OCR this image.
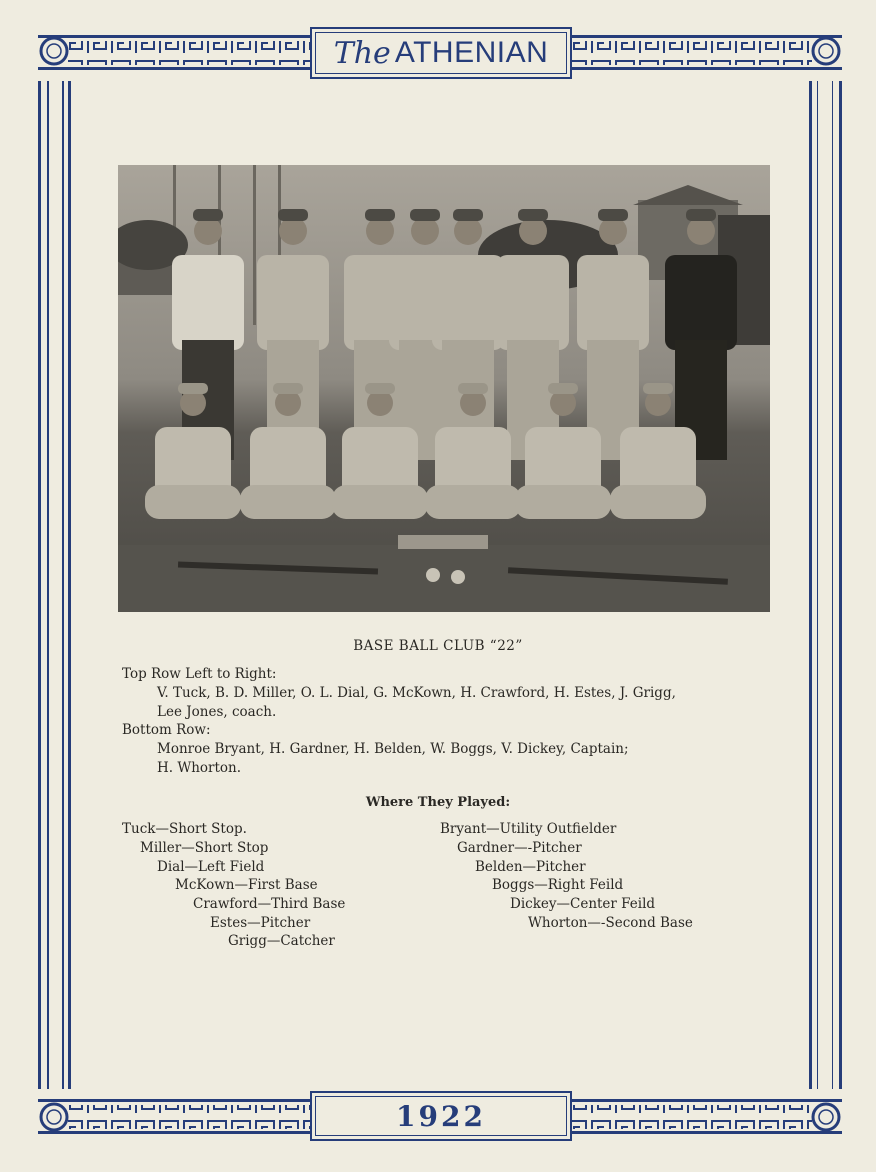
The ATHENIAN
1922
BASE BALL CLUB “22”
Top Row Left to Right:
V. Tuck, B. D. Miller, O. L. Dial, G. McKown, H. Crawford, H. Estes, J. Grigg,
Lee Jones, coach.
Bottom Row:
Monroe Bryant, H. Gardner, H. Belden, W. Boggs, V. Dickey, Captain;
H. Whorton.
Where They Played:
Tuck—Short Stop.
Miller—Short Stop
Dial—Left Field
McKown—First Base
Crawford—Third Base
Estes—Pitcher
Grigg—Catcher
Bryant—Utility Outfielder
Gardner—-Pitcher
Belden—Pitcher
Boggs—Right Feild
Dickey—Center Feild
Whorton—-Second Base
